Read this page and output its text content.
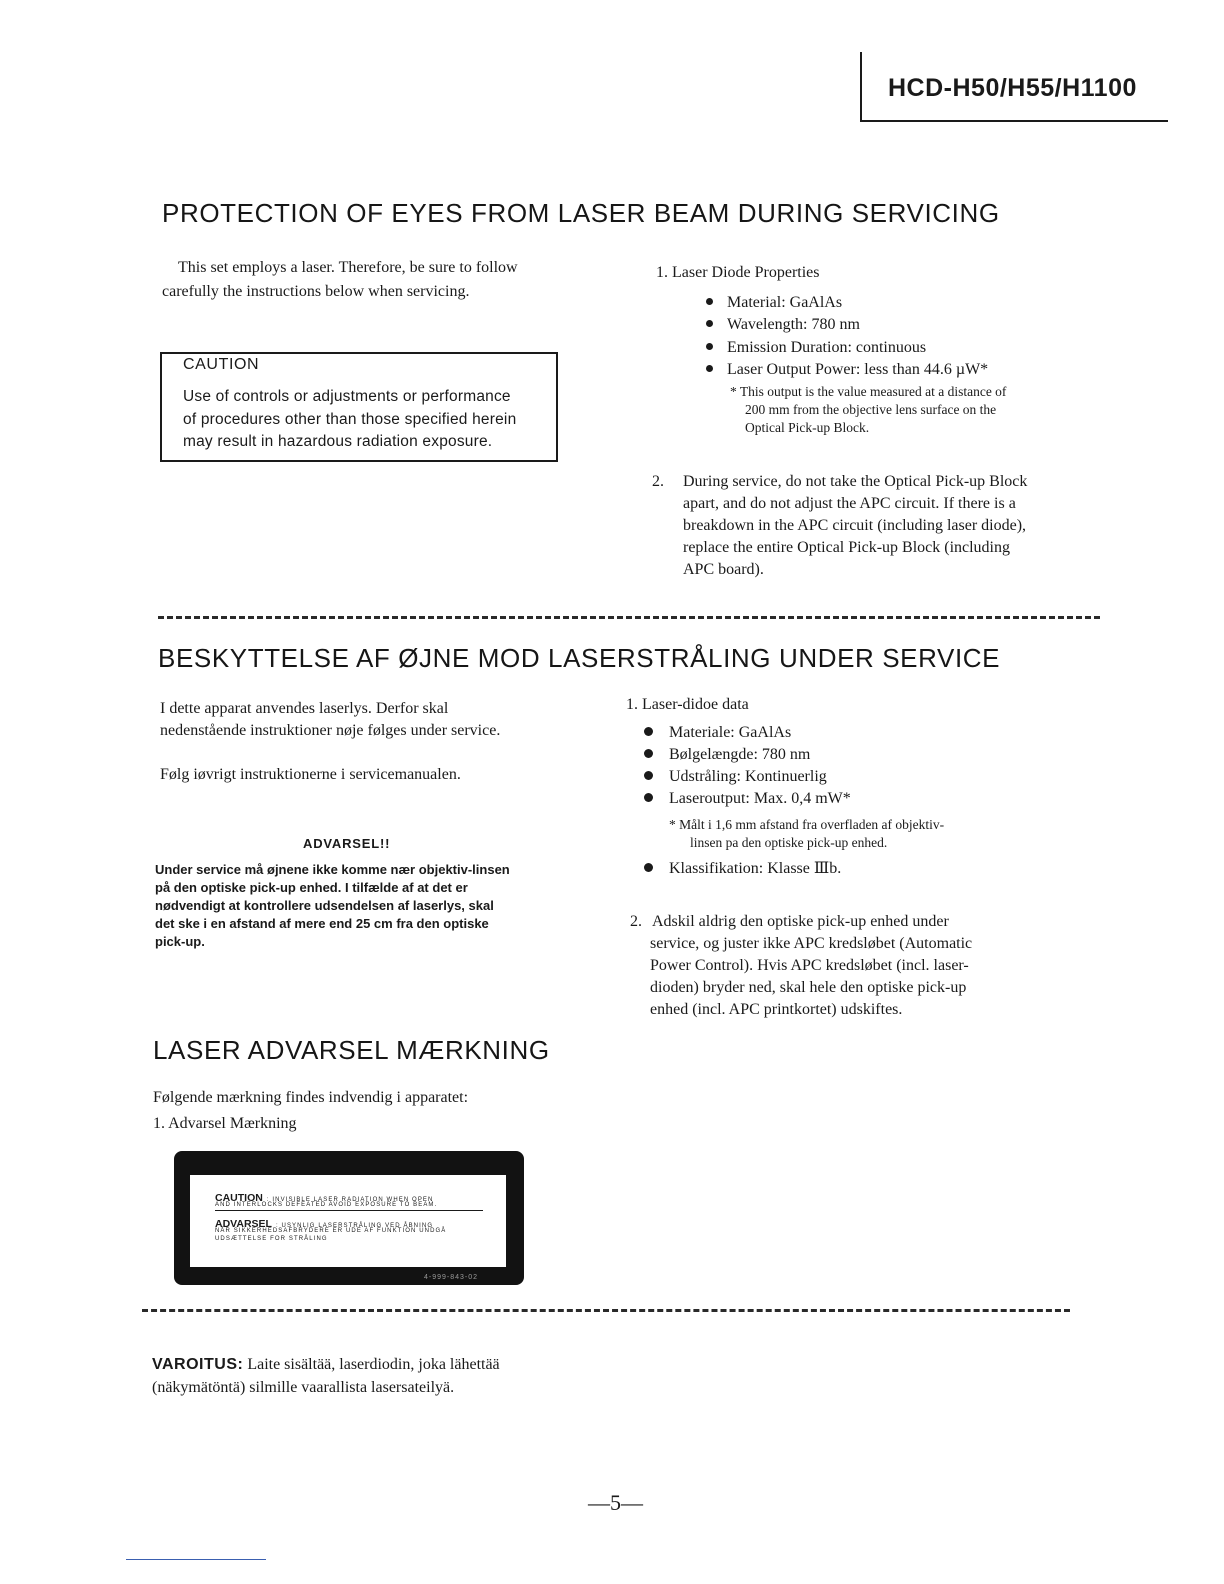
HCD-H50/H55/H1100
PROTECTION OF EYES FROM LASER BEAM DURING SERVICING
This set employs a laser. Therefore, be sure to follow
carefully the instructions below when servicing.
CAUTION
Use of controls or adjustments or performance
of procedures other than those specified herein
may result in hazardous radiation exposure.
1. Laser Diode Properties
Material: GaAlAs
Wavelength: 780 nm
Emission Duration: continuous
Laser Output Power: less than 44.6 µW*
* This output is the value measured at a distance of
200 mm from the objective lens surface on the
Optical Pick-up Block.
2. During service, do not take the Optical Pick-up Block
apart, and do not adjust the APC circuit. If there is a
breakdown in the APC circuit (including laser diode),
replace the entire Optical Pick-up Block (including
APC board).
BESKYTTELSE AF ØJNE MOD LASERSTRÅLING UNDER SERVICE
I dette apparat anvendes laserlys. Derfor skal
nedenstående instruktioner nøje følges under service.
Følg iøvrigt instruktionerne i servicemanualen.
ADVARSEL!!
Under service må øjnene ikke komme nær objektiv-linsen
på den optiske pick-up enhed. I tilfælde af at det er
nødvendigt at kontrollere udsendelsen af laserlys, skal
det ske i en afstand af mere end 25 cm fra den optiske
pick-up.
1. Laser-didoe data
Materiale: GaAlAs
Bølgelængde: 780 nm
Udstråling: Kontinuerlig
Laseroutput: Max. 0,4 mW*
* Målt i 1,6 mm afstand fra overfladen af objektiv-
linsen pa den optiske pick-up enhed.
Klassifikation: Klasse Ⅲb.
2. Adskil aldrig den optiske pick-up enhed under
service, og juster ikke APC kredsløbet (Automatic
Power Control). Hvis APC kredsløbet (incl. laser-
dioden) bryder ned, skal hele den optiske pick-up
enhed (incl. APC printkortet) udskiftes.
LASER ADVARSEL MÆRKNING
Følgende mærkning findes indvendig i apparatet:
1. Advarsel Mærkning
CAUTION : INVISIBLE LASER RADIATION WHEN OPEN
AND INTERLOCKS DEFEATED AVOID EXPOSURE TO BEAM.
ADVARSEL : USYNLIG LASERSTRÅLING VED ÅBNING
NÅR SIKKERHEDSAFBRYDERE ER UDE AF FUNKTION UNDGÅ
UDSÆTTELSE FOR STRÅLING
4-999-843-02
VAROITUS: Laite sisältää, laserdiodin, joka lähettää
(näkymätöntä) silmille vaarallista lasersateilyä.
—5—
